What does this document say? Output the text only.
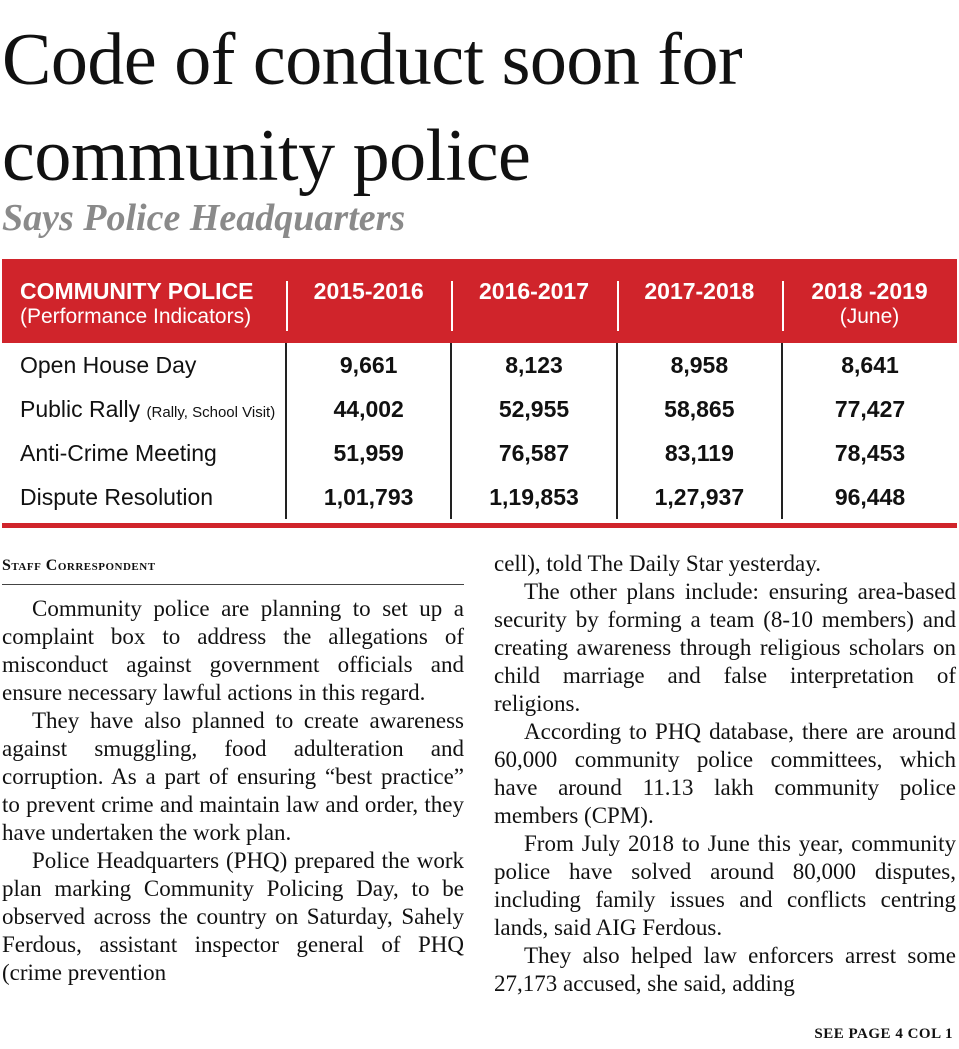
Code of conduct soon for community police
Says Police Headquarters
COMMUNITY POLICE
(Performance Indicators)	2015-2016	2016-2017	2017-2018	2018 -2019
(June)

Open House Day	9,661	8,123	8,958	8,641
Public Rally (Rally, School Visit)	44,002	52,955	58,865	77,427
Anti-Crime Meeting	51,959	76,587	83,119	78,453
Dispute Resolution	1,01,793	1,19,853	1,27,937	96,448
Staff Correspondent

Community police are planning to set up a complaint box to address the allegations of misconduct against government officials and ensure necessary lawful actions in this regard.

They have also planned to create awareness against smuggling, food adulteration and corruption. As a part of ensuring “best practice” to prevent crime and maintain law and order, they have undertaken the work plan.

Police Headquarters (PHQ) prepared the work plan marking Community Policing Day, to be observed across the country on Saturday, Sahely Ferdous, assistant inspector general of PHQ (crime prevention

cell), told The Daily Star yesterday.

The other plans include: ensuring area-based security by forming a team (8-10 members) and creating awareness through religious scholars on child marriage and false interpretation of religions.

According to PHQ database, there are around 60,000 community police committees, which have around 11.13 lakh community police members (CPM).

From July 2018 to June this year, community police have solved around 80,000 disputes, including family issues and conflicts centring lands, said AIG Ferdous.

They also helped law enforcers arrest some 27,173 accused, she said, adding

SEE PAGE 4 COL 1
